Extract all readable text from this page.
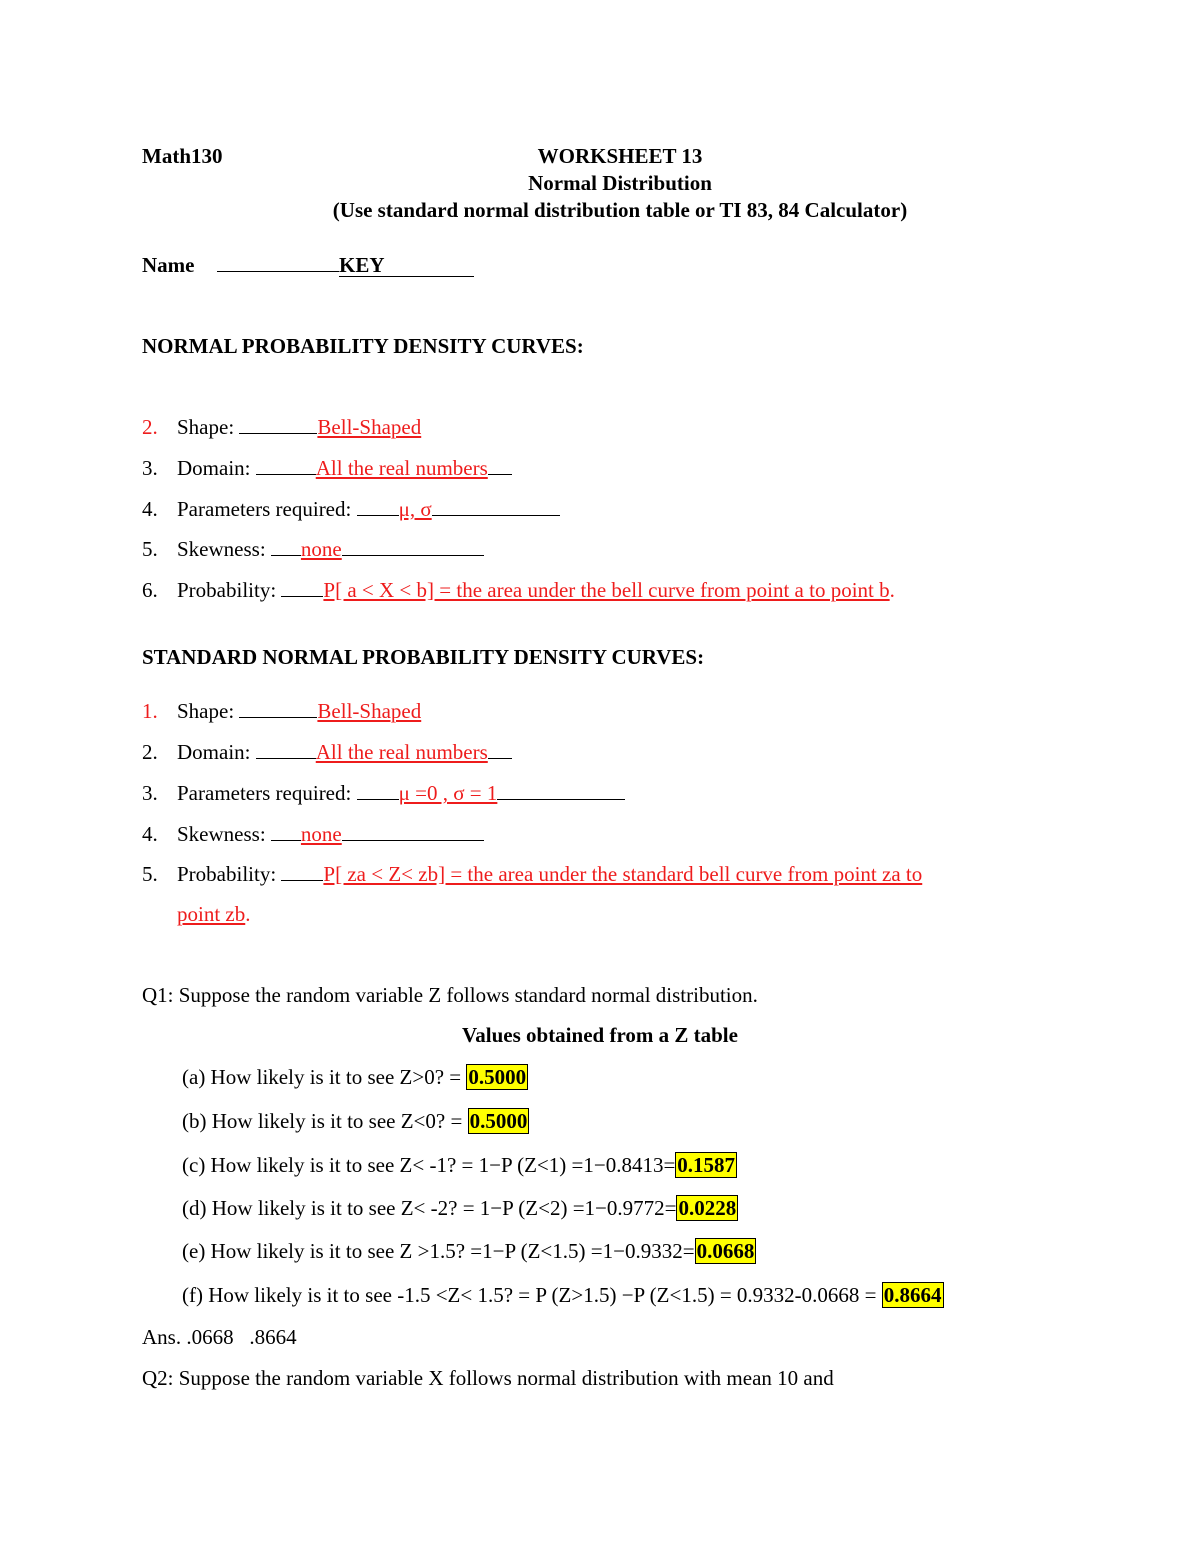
Math130	WORKSHEET 13
Normal Distribution
(Use standard normal distribution table or TI 83, 84 Calculator)
Name	KEY
NORMAL PROBABILITY DENSITY CURVES:
2. Shape:	Bell-Shaped
3. Domain:	All the real numbers
4. Parameters required: μ, σ
5. Skewness: none
6. Probability: P[ a < X < b] = the area under the bell curve from point a to point b.
STANDARD NORMAL PROBABILITY DENSITY CURVES:
1. Shape:	Bell-Shaped
2. Domain:	All the real numbers
3. Parameters required: μ =0 , σ = 1
4. Skewness: none
5. Probability: P[ za < Z< zb] = the area under the standard bell curve from point za to
point zb.
Q1: Suppose the random variable Z follows standard normal distribution.
Values obtained from a Z table
(a) How likely is it to see Z>0? = 0.5000
(b) How likely is it to see Z<0? = 0.5000
(c) How likely is it to see Z< -1? = 1−P (Z<1) =1−0.8413=0.1587
(d) How likely is it to see Z< -2? = 1−P (Z<2) =1−0.9772=0.0228
(e) How likely is it to see Z >1.5? =1−P (Z<1.5) =1−0.9332=0.0668
(f) How likely is it to see -1.5 <Z< 1.5? = P (Z>1.5) −P (Z<1.5) = 0.9332-0.0668 = 0.8664
Ans. .0668   .8664
Q2: Suppose the random variable X follows normal distribution with mean 10 and
